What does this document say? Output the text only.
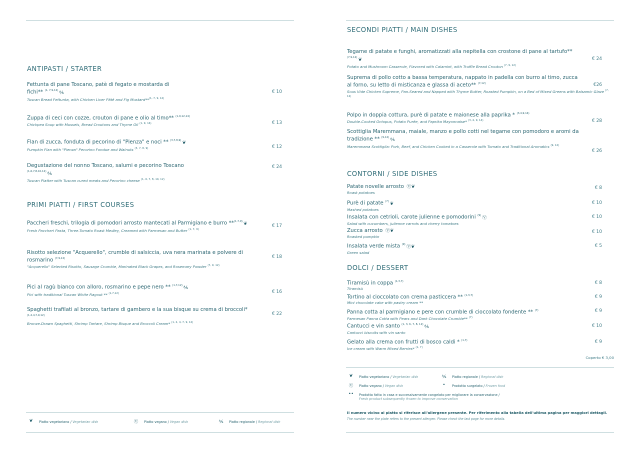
ANTIPASTI / STARTER
Fettunta di pane Toscano, patè di fegato e mostarda di fichi** $^{(1, 7,9,12)}$⅍
Tuscan Bread Fettunta, with Chicken Liver Pâté and Fig Mustard**$^{(1, 7, 9, 12)}$
€ 10
Zuppa di ceci con cozze, crouton di pane e olio al timo** $^{(1,9,12,14)}$
Chickpea Soup with Mussels, Bread Croutons and Thyme Oil $^{(1, 9, 14)}$	€ 13
Flan di zucca, fonduta di pecorino di "Pienza" e noci ** $^{(3,7,8,9)}$❦
Pumpkin Flan with "Pienza" Pecorino Fondue and Walnuts $^{(3, 7, 8, 9)}$	€ 12
Degustazione del nonno Toscano, salumi e pecorino Toscano
$^{(1,6,7,8,10,12)}$⅍
Tuscan Platter with Tuscan cured meats and Pecorino cheese $^{(1, 6, 7, 8, 10, 12)}$
€ 24
PRIMI PIATTI / FIRST COURSES
Paccheri freschi, trilogia di pomodori arrosto mantecati al Parmigiano e burro **$^{(1,7,9)}$❦
Fresh Paccheri Pasta, Three-Tomato Roast Medley, Creamed with Parmesan and Butter $^{(1, 7, 9)}$
€ 17
Risotto selezione "Acquerello", crumble di salsiccia, uva nera marinata e polvere di rosmarino $^{(7,9,12)}$
"Acquerello" Selected Risotto, Sausage Crumble, Marinated Black Grapes, and Rosemary Powder $^{(7, 9, 12)}$
€ 18
Pici al ragù bianco con alloro, rosmarino e pepe nero ** $^{(1,7,12)}$⅍
Pici with traditional Tuscan White Ragout ** $^{(1,7,12)}$	€ 16
Spaghetti trafilati al bronzo, tartare di gambero e la sua bisque su crema di broccoli* $^{(1,2,4,7,9,12)}$
Bronze-Drawn Spaghetti, Shrimp Tartare, Shrimp Bisque and Broccoli Cream* $^{(1, 2, 4, 7, 9, 12)}$
€ 22
❦	Piatto vegetariano / Vegetarian dish	Ⓥ	Piatto vegano / Vegan dish	⅍	Piatto regionale / Regional dish
SECONDI PIATTI / MAIN DISHES
Tegame di patate e funghi, aromatizzati alla nepitella con crostone di pane al tartufo** $^{(7,9,12)}$❦
Potato and Mushroom Casserole, Flavored with Calamint, with Truffle Bread Crouton $^{(7, 9, 12)}$
€ 24
Suprema di pollo cotto a bassa temperatura, nappato in padella con burro al timo, zucca al forno, su letto di misticanza e glassa di aceto** $^{(7,12)}$
Sous Vide Chicken Supreme, Pan-Seared and Napped with Thyme Butter, Roasted Pumpkin, on a Bed of Mixed Greens with Balsamic Glaze $^{(7, 12)}$
€26
Polpo in doppia cottura, purè di patate e maionese alla paprika * $^{(3,4,9,14)}$
Double-Cooked Octopus, Potato Purée, and Paprika Mayonnaise* $^{(3, 4, 9, 14)}$	€ 28
Scottiglia Maremmana, maiale, manzo e pollo cotti nel tegame con pomodoro e aromi da tradizione ** $^{(9,12)}$⅍
Maremmana Scottiglia: Pork, Beef, and Chicken Cooked in a Casserole with Tomato and Traditional Aromatics $^{(9, 12)}$
€ 26
CONTORNI / SIDE DISHES
Patate novelle arrosto Ⓥ❦
Roast potatoes
€ 8
Purè di patate $^{(7)}$❦
Mashed potatoes
€ 10
Insalata con cetrioli, carote julienne e pomodorini $^{(9)}$Ⓥ
Salad with cucumbers, julienne carrots and cherry tomatoes
€ 10
Zucca arrosto Ⓥ❦
Roasted pumpkin
€ 10
Insalata verde mista $^{(9)}$Ⓥ❦
Green salad
€ 5
DOLCI / DESSERT
Tiramisù in coppa $^{(1,3,7)}$
Tiramisù
€ 8
Tortino al cioccolato con crema pasticcera ** $^{(1,3,7)}$
Mini chocolate cake with pastry cream **
€ 9
Panna cotta al parmigiano e pere con crumble di cioccolato fondente ** $^{(7)}$
Parmesan Panna Cotta with Pears and Dark Chocolate Crumble** $^{(7)}$
€ 9
Cantucci e vin santo $^{(1, 3, 6, 7, 8, 12)}$⅍
Cantucci biscuits with vin santo
€ 10
Gelato alla crema con frutti di bosco caldi * $^{(1,7)}$
Ice cream with Warm Mixed Berries* $^{(1, 7)}$
€ 9
Coperto € 3,00
❦	Piatto vegetariano / Vegetarian dish	⅍	Piatto regionale / Regional dish
Ⓥ	Piatto vegano / Vegan dish	•	Prodotto surgelato / Frozen food
••	Prodotto fatto in casa e successivamente congelato per migliorare la conservazione /
Fresh product subsequently frozen to improve conservation
Il numero vicino al piatto si riferisce all'allergene presente. Per riferimento alla tabella dell'ultima pagina per maggiori dettagli.
The number near the plate refers to the present allergen. Please check the last page for more details.
